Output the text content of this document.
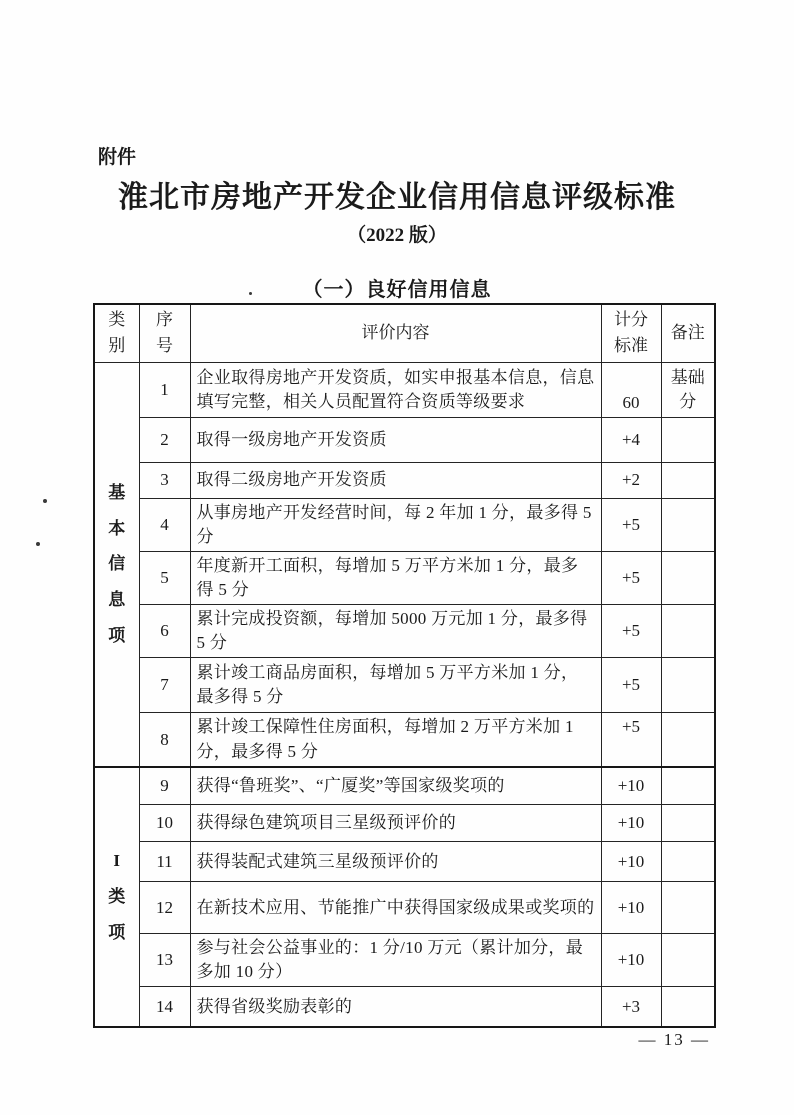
附件
淮北市房地产开发企业信用信息评级标准
（2022 版）
（一）良好信用信息
类别	序号	评价内容	计分标准	备注
基本信息项	1	企业取得房地产开发资质，如实申报基本信息，信息填写完整，相关人员配置符合资质等级要求	60	基础分
	2	取得一级房地产开发资质	+4	
	3	取得二级房地产开发资质	+2	
	4	从事房地产开发经营时间，每 2 年加 1 分，最多得 5 分	+5	
	5	年度新开工面积，每增加 5 万平方米加 1 分，最多得 5 分	+5	
	6	累计完成投资额，每增加 5000 万元加 1 分，最多得 5 分	+5	
	7	累计竣工商品房面积，每增加 5 万平方米加 1 分，最多得 5 分	+5	
	8	累计竣工保障性住房面积，每增加 2 万平方米加 1 分，最多得 5 分	+5	
I类项	9	获得“鲁班奖”、“广厦奖”等国家级奖项的	+10	
	10	获得绿色建筑项目三星级预评价的	+10	
	11	获得装配式建筑三星级预评价的	+10	
	12	在新技术应用、节能推广中获得国家级成果或奖项的	+10	
	13	参与社会公益事业的：1 分/10 万元（累计加分，最多加 10 分）	+10	
	14	获得省级奖励表彰的	+3	
— 13 —
